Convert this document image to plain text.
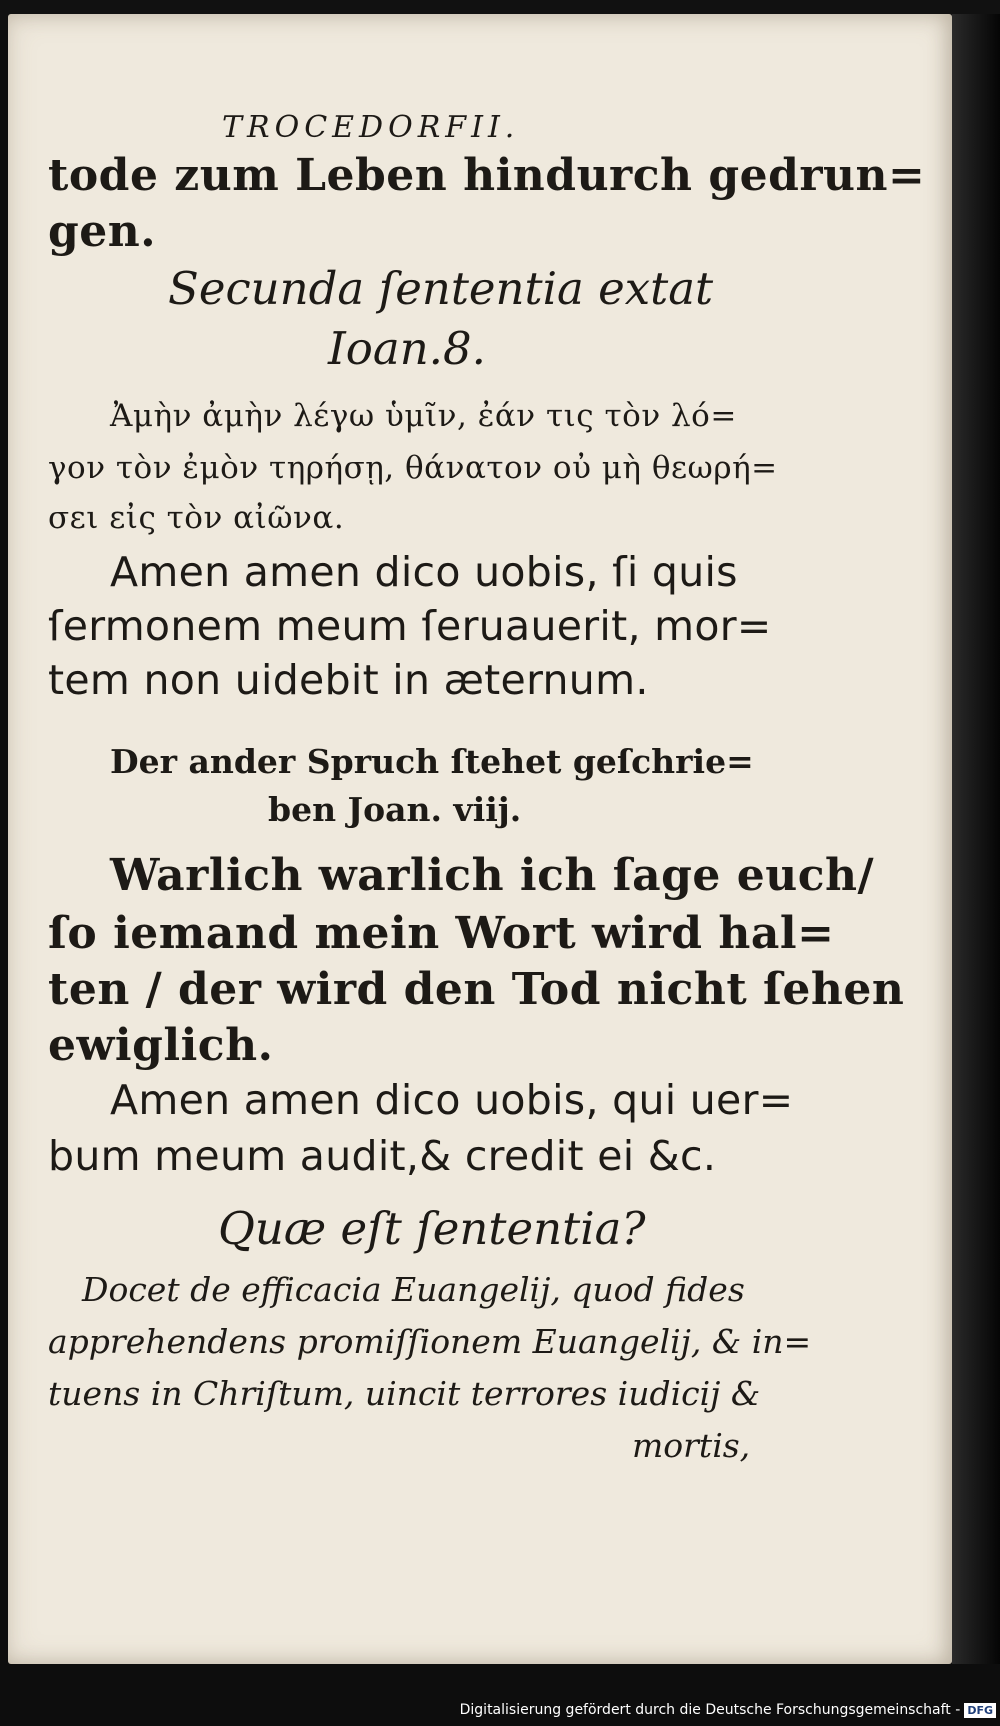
TROCEDORFII.
tode zum Leben hindurch gedrun=
gen.
Secunda ſententia extat
Ioan.8.
Ἀμὴν ἀμὴν λέγω ὑμῖν, ἐάν τις τὸν λό=
γον τὸν ἐμὸν τηρήσῃ, θάνατον οὐ μὴ θεωρή=
σει εἰς τὸν αἰῶνα.
Amen amen dico uobis, ſi quis
ſermonem meum ſeruauerit, mor=
tem non uidebit in æternum.
Der ander Spruch ſtehet geſchrie=
ben Joan. viij.
Warlich warlich ich ſage euch/
ſo iemand mein Wort wird hal=
ten / der wird den Tod nicht ſehen
ewiglich.
Amen amen dico uobis, qui uer=
bum meum audit,& credit ei &c.
Quæ eſt ſententia?
Docet de efficacia Euangelij, quod fides
apprehendens promiſſionem Euangelij, & in=
tuens in Chriſtum, uincit terrores iudicij &
mortis,
Digitalisierung gefördert durch die Deutsche Forschungsgemeinschaft - DFG
